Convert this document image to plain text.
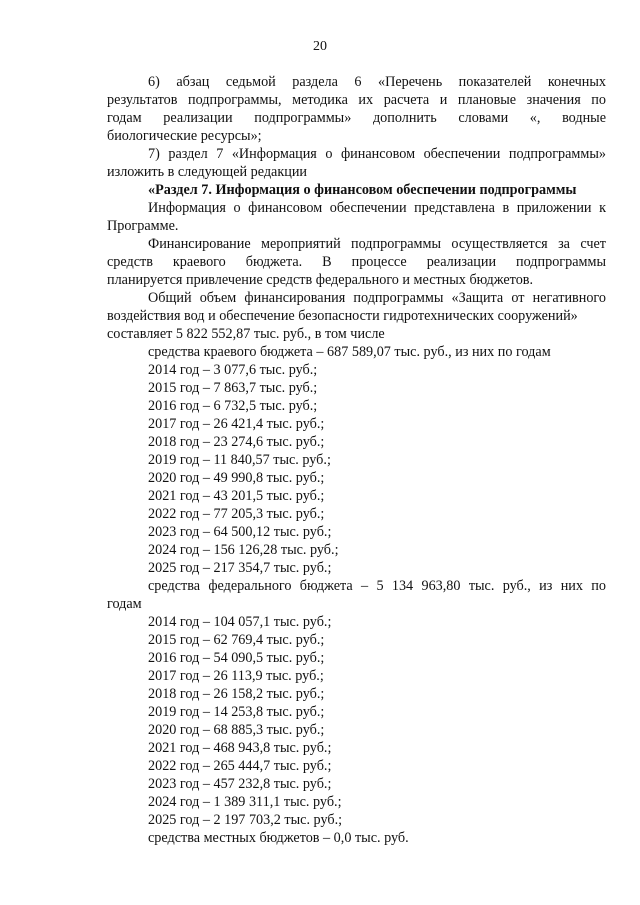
20
6) абзац седьмой раздела 6 «Перечень показателей конечных
результатов подпрограммы, методика их расчета и плановые значения по
годам реализации подпрограммы» дополнить словами «, водные
биологические ресурсы»;
7) раздел 7 «Информация о финансовом обеспечении подпрограммы»
изложить в следующей редакции
«Раздел 7. Информация о финансовом обеспечении подпрограммы
Информация о финансовом обеспечении представлена в приложении к
Программе.
Финансирование мероприятий подпрограммы осуществляется за счет
средств краевого бюджета. В процессе реализации подпрограммы
планируется привлечение средств федерального и местных бюджетов.
Общий объем финансирования подпрограммы «Защита от негативного
воздействия вод и обеспечение безопасности гидротехнических сооружений»
составляет 5 822 552,87 тыс. руб., в том числе
средства краевого бюджета – 687 589,07 тыс. руб., из них по годам
2014 год – 3 077,6 тыс. руб.;
2015 год – 7 863,7 тыс. руб.;
2016 год – 6 732,5 тыс. руб.;
2017 год – 26 421,4 тыс. руб.;
2018 год – 23 274,6 тыс. руб.;
2019 год – 11 840,57 тыс. руб.;
2020 год – 49 990,8 тыс. руб.;
2021 год – 43 201,5 тыс. руб.;
2022 год – 77 205,3 тыс. руб.;
2023 год – 64 500,12 тыс. руб.;
2024 год – 156 126,28 тыс. руб.;
2025 год – 217 354,7 тыс. руб.;
средства федерального бюджета – 5 134 963,80 тыс. руб., из них по
годам
2014 год – 104 057,1 тыс. руб.;
2015 год – 62 769,4 тыс. руб.;
2016 год – 54 090,5 тыс. руб.;
2017 год – 26 113,9 тыс. руб.;
2018 год – 26 158,2 тыс. руб.;
2019 год – 14 253,8 тыс. руб.;
2020 год – 68 885,3 тыс. руб.;
2021 год – 468 943,8 тыс. руб.;
2022 год – 265 444,7 тыс. руб.;
2023 год – 457 232,8 тыс. руб.;
2024 год – 1 389 311,1 тыс. руб.;
2025 год – 2 197 703,2 тыс. руб.;
средства местных бюджетов – 0,0 тыс. руб.
